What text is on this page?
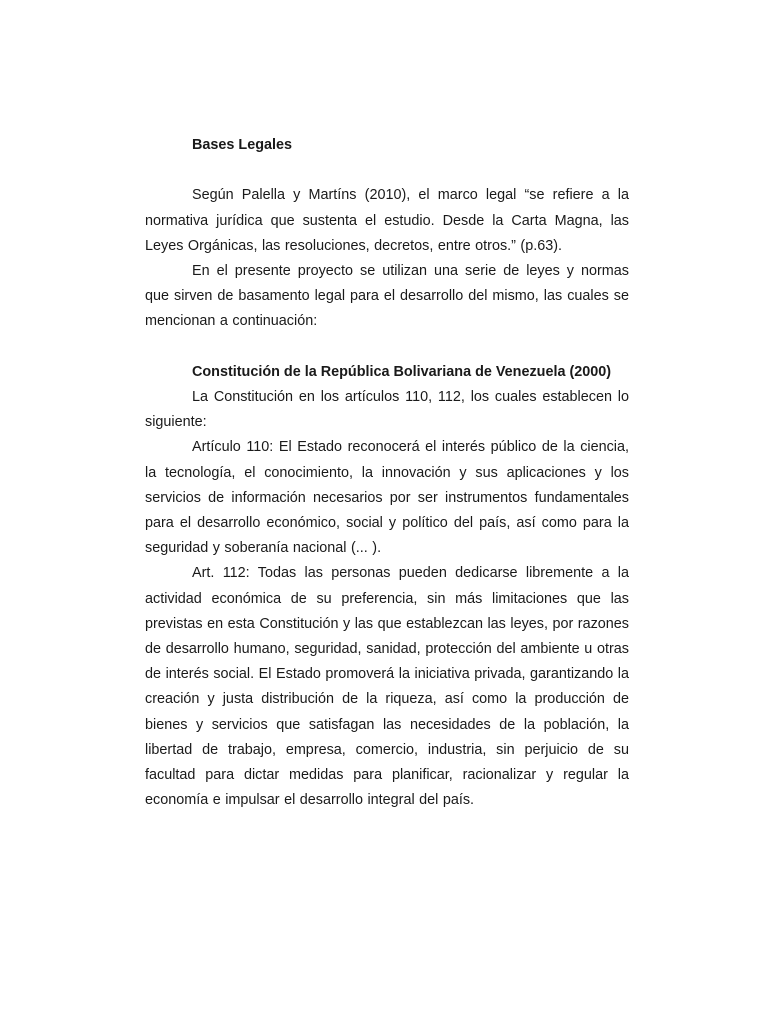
Bases Legales

Según Palella y Martíns (2010), el marco legal “se refiere a la normativa jurídica que sustenta el estudio. Desde la Carta Magna, las Leyes Orgánicas, las resoluciones, decretos, entre otros.” (p.63).

En el presente proyecto se utilizan una serie de leyes y normas que sirven de basamento legal para el desarrollo del mismo, las cuales se mencionan a continuación:

Constitución de la República Bolivariana de Venezuela (2000)

La Constitución en los artículos 110, 112, los cuales establecen lo siguiente:

Artículo 110: El Estado reconocerá el interés público de la ciencia, la tecnología, el conocimiento, la innovación y sus aplicaciones y los servicios de información necesarios por ser instrumentos fundamentales para el desarrollo económico, social y político del país, así como para la seguridad y soberanía nacional (... ).

Art. 112: Todas las personas pueden dedicarse libremente a la actividad económica de su preferencia, sin más limitaciones que las previstas en esta Constitución y las que establezcan las leyes, por razones de desarrollo humano, seguridad, sanidad, protección del ambiente u otras de interés social. El Estado promoverá la iniciativa privada, garantizando la creación y justa distribución de la riqueza, así como la producción de bienes y servicios que satisfagan las necesidades de la población, la libertad de trabajo, empresa, comercio, industria, sin perjuicio de su facultad para dictar medidas para planificar, racionalizar y regular la economía e impulsar el desarrollo integral del país.
